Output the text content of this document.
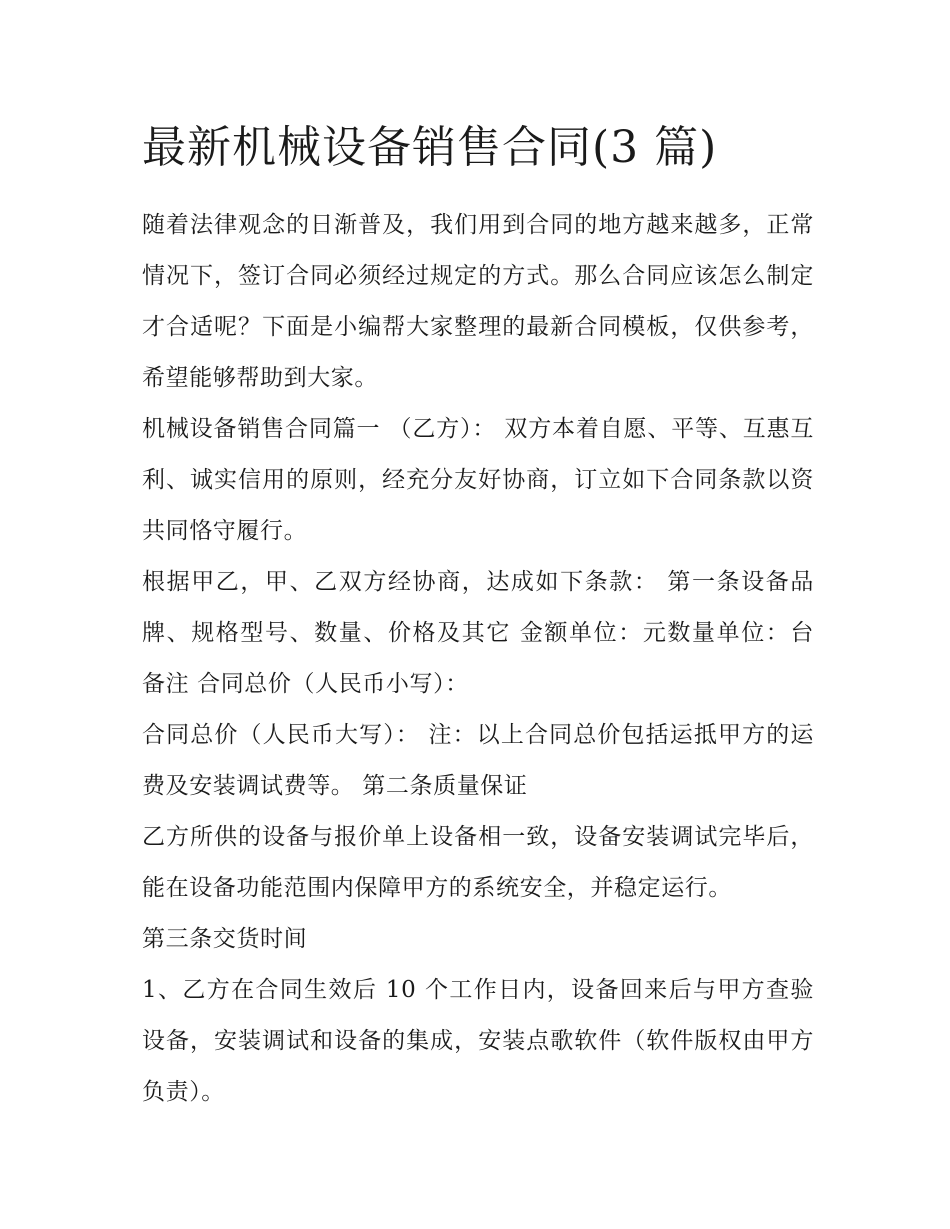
最新机械设备销售合同(3 篇)

随着法律观念的日渐普及，我们用到合同的地方越来越多，正常情况下，签订合同必须经过规定的方式。那么合同应该怎么制定才合适呢？下面是小编帮大家整理的最新合同模板，仅供参考，希望能够帮助到大家。

机械设备销售合同篇一 （乙方）： 双方本着自愿、平等、互惠互利、诚实信用的原则，经充分友好协商，订立如下合同条款以资共同恪守履行。

根据甲乙，甲、乙双方经协商，达成如下条款： 第一条设备品牌、规格型号、数量、价格及其它 金额单位：元数量单位：台 备注 合同总价（人民币小写）：

合同总价（人民币大写）： 注：以上合同总价包括运抵甲方的运费及安装调试费等。 第二条质量保证

乙方所供的设备与报价单上设备相一致，设备安装调试完毕后，能在设备功能范围内保障甲方的系统安全，并稳定运行。

第三条交货时间

1、乙方在合同生效后 10 个工作日内，设备回来后与甲方查验设备，安装调试和设备的集成，安装点歌软件（软件版权由甲方负责）。
